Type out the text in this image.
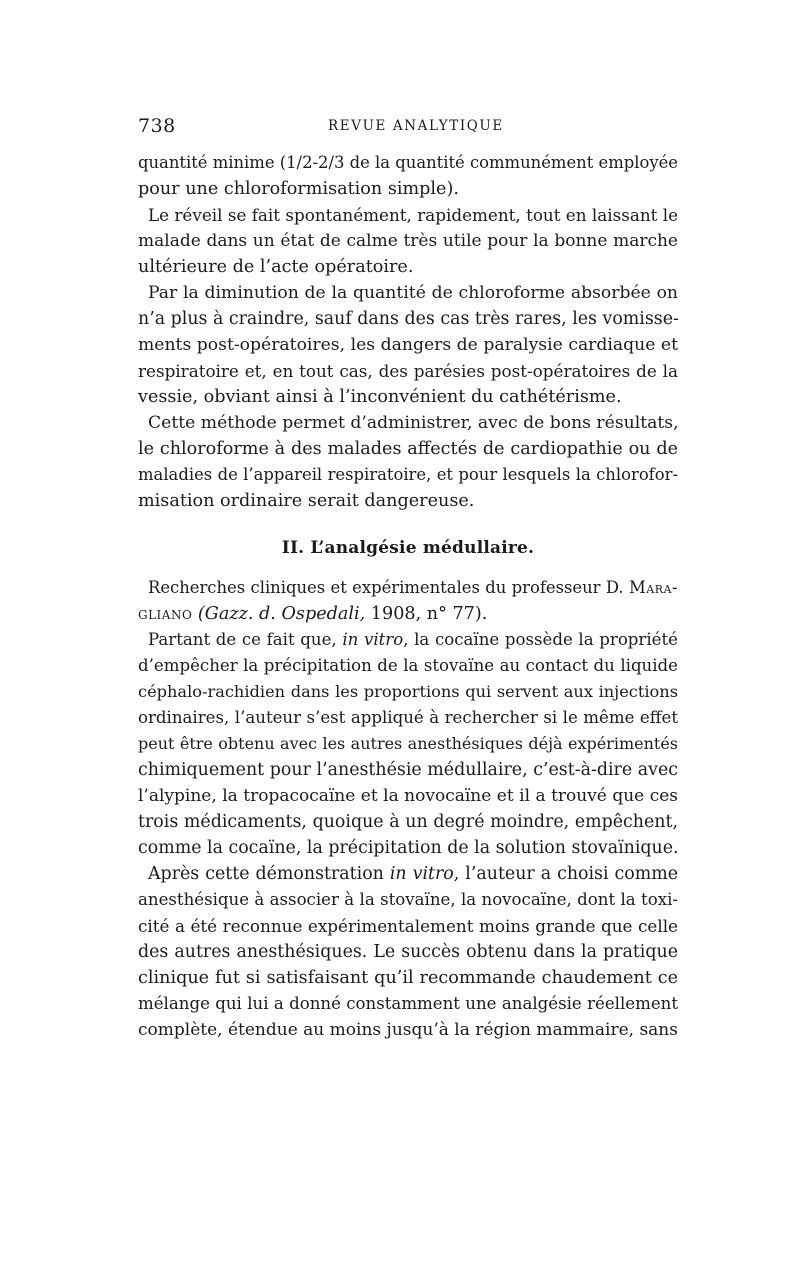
738	REVUE ANALYTIQUE
quantité minime (1/2-2/3 de la quantité communément employée
pour une chloroformisation simple).
Le réveil se fait spontanément, rapidement, tout en laissant le
malade dans un état de calme très utile pour la bonne marche
ultérieure de l’acte opératoire.
Par la diminution de la quantité de chloroforme absorbée on
n’a plus à craindre, sauf dans des cas très rares, les vomisse-
ments post-opératoires, les dangers de paralysie cardiaque et
respiratoire et, en tout cas, des parésies post-opératoires de la
vessie, obviant ainsi à l’inconvénient du cathétérisme.
Cette méthode permet d’administrer, avec de bons résultats,
le chloroforme à des malades affectés de cardiopathie ou de
maladies de l’appareil respiratoire, et pour lesquels la chlorofor-
misation ordinaire serait dangereuse.
II. L’analgésie médullaire.
Recherches cliniques et expérimentales du professeur D. Mara-
gliano (Gazz. d. Ospedali, 1908, n° 77).
Partant de ce fait que, in vitro, la cocaïne possède la propriété
d’empêcher la précipitation de la stovaïne au contact du liquide
céphalo-rachidien dans les proportions qui servent aux injections
ordinaires, l’auteur s’est appliqué à rechercher si le même effet
peut être obtenu avec les autres anesthésiques déjà expérimentés
chimiquement pour l’anesthésie médullaire, c’est-à-dire avec
l’alypine, la tropacocaïne et la novocaïne et il a trouvé que ces
trois médicaments, quoique à un degré moindre, empêchent,
comme la cocaïne, la précipitation de la solution stovaïnique.
Après cette démonstration in vitro, l’auteur a choisi comme
anesthésique à associer à la stovaïne, la novocaïne, dont la toxi-
cité a été reconnue expérimentalement moins grande que celle
des autres anesthésiques. Le succès obtenu dans la pratique
clinique fut si satisfaisant qu’il recommande chaudement ce
mélange qui lui a donné constamment une analgésie réellement
complète, étendue au moins jusqu’à la région mammaire, sans
